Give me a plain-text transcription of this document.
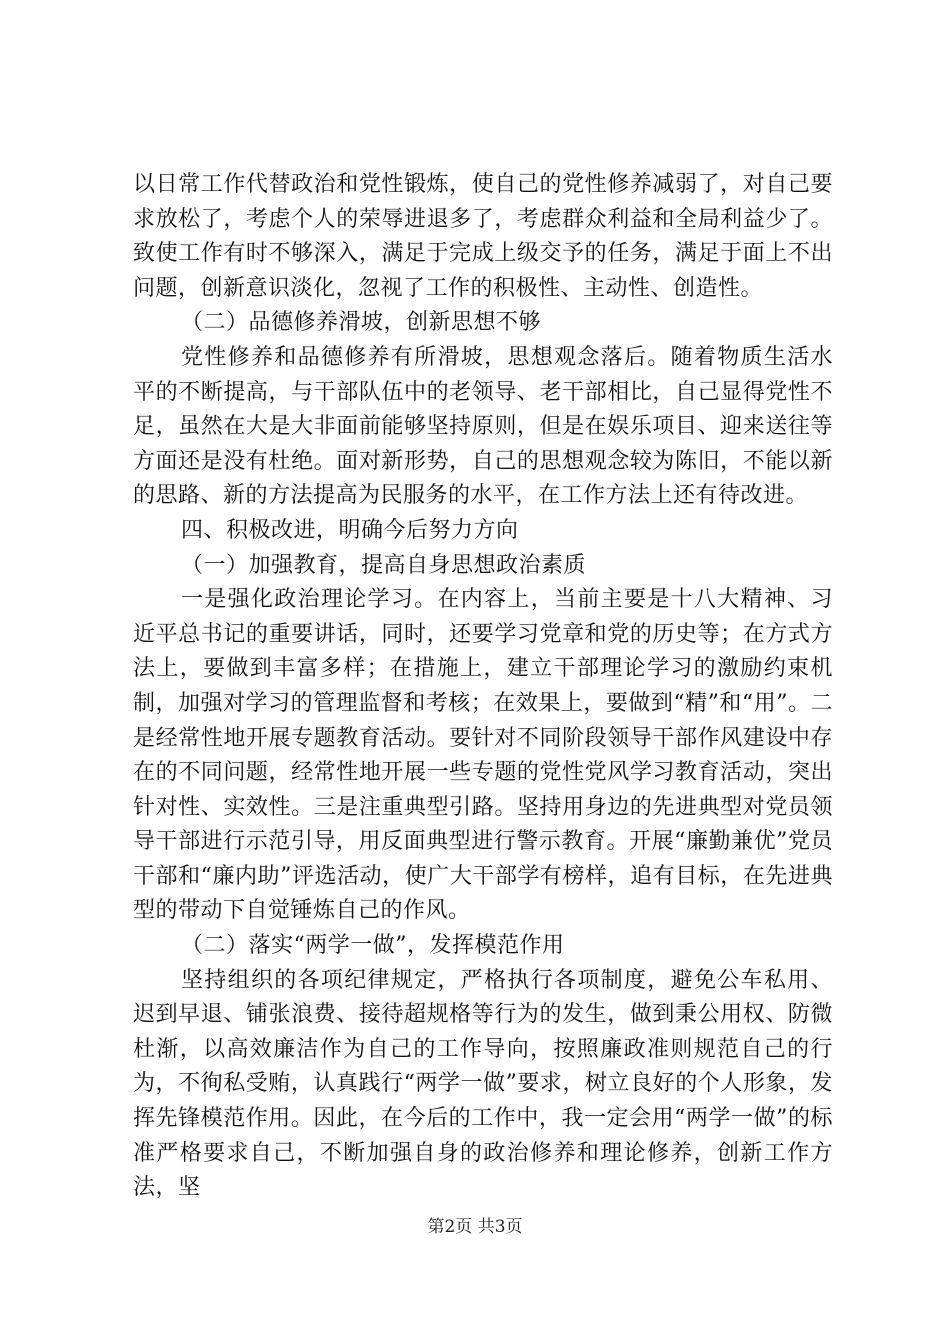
以日常工作代替政治和党性锻炼，使自己的党性修养减弱了，对自己要求放松了，考虑个人的荣辱进退多了，考虑群众利益和全局利益少了。致使工作有时不够深入，满足于完成上级交予的任务，满足于面上不出问题，创新意识淡化，忽视了工作的积极性、主动性、创造性。

（二）品德修养滑坡，创新思想不够

党性修养和品德修养有所滑坡，思想观念落后。随着物质生活水平的不断提高，与干部队伍中的老领导、老干部相比，自己显得党性不足，虽然在大是大非面前能够坚持原则，但是在娱乐项目、迎来送往等方面还是没有杜绝。面对新形势，自己的思想观念较为陈旧，不能以新的思路、新的方法提高为民服务的水平，在工作方法上还有待改进。

四、积极改进，明确今后努力方向

（一）加强教育，提高自身思想政治素质

一是强化政治理论学习。在内容上，当前主要是十八大精神、习近平总书记的重要讲话，同时，还要学习党章和党的历史等；在方式方法上，要做到丰富多样；在措施上，建立干部理论学习的激励约束机制，加强对学习的管理监督和考核；在效果上，要做到“精”和“用”。二是经常性地开展专题教育活动。要针对不同阶段领导干部作风建设中存在的不同问题，经常性地开展一些专题的党性党风学习教育活动，突出针对性、实效性。三是注重典型引路。坚持用身边的先进典型对党员领导干部进行示范引导，用反面典型进行警示教育。开展“廉勤兼优”党员干部和“廉内助”评选活动，使广大干部学有榜样，追有目标，在先进典型的带动下自觉锤炼自己的作风。

（二）落实“两学一做”，发挥模范作用

坚持组织的各项纪律规定，严格执行各项制度，避免公车私用、迟到早退、铺张浪费、接待超规格等行为的发生，做到秉公用权、防微杜渐，以高效廉洁作为自己的工作导向，按照廉政准则规范自己的行为，不徇私受贿，认真践行“两学一做”要求，树立良好的个人形象，发挥先锋模范作用。因此，在今后的工作中，我一定会用“两学一做”的标准严格要求自己，不断加强自身的政治修养和理论修养，创新工作方法，坚

第2页 共3页
